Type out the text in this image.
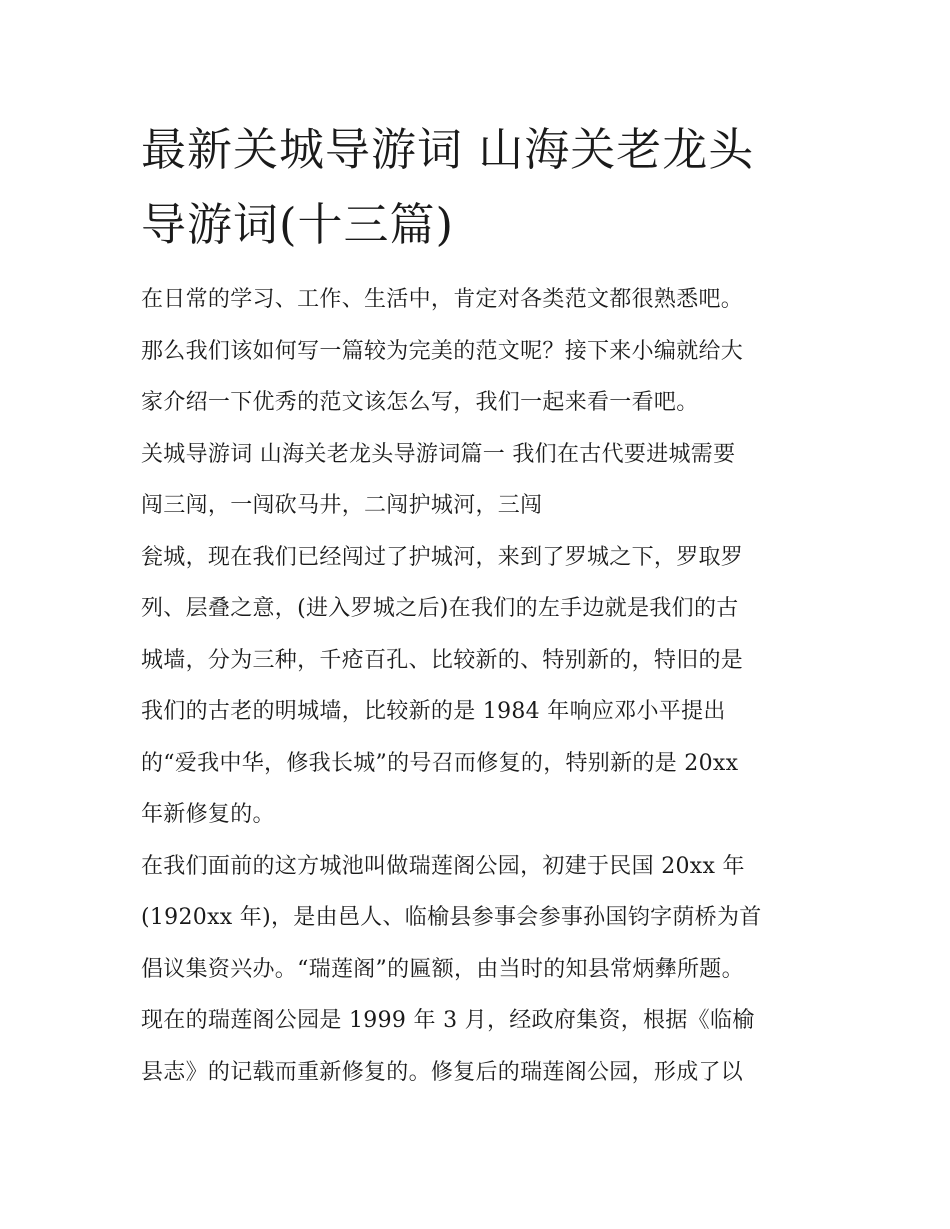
最新关城导游词 山海关老龙头
导游词(十三篇)
在日常的学习、工作、生活中，肯定对各类范文都很熟悉吧。
那么我们该如何写一篇较为完美的范文呢？接下来小编就给大
家介绍一下优秀的范文该怎么写，我们一起来看一看吧。
关城导游词 山海关老龙头导游词篇一 我们在古代要进城需要
闯三闯，一闯砍马井，二闯护城河，三闯
瓮城，现在我们已经闯过了护城河，来到了罗城之下，罗取罗
列、层叠之意，(进入罗城之后)在我们的左手边就是我们的古
城墙，分为三种，千疮百孔、比较新的、特别新的，特旧的是
我们的古老的明城墙，比较新的是 1984 年响应邓小平提出
的“爱我中华，修我长城”的号召而修复的，特别新的是 20xx
年新修复的。
在我们面前的这方城池叫做瑞莲阁公园，初建于民国 20xx 年
(1920xx 年)，是由邑人、临榆县参事会参事孙国钧字荫桥为首
倡议集资兴办。“瑞莲阁”的匾额，由当时的知县常炳彝所题。
现在的瑞莲阁公园是 1999 年 3 月，经政府集资，根据《临榆
县志》的记载而重新修复的。修复后的瑞莲阁公园，形成了以
